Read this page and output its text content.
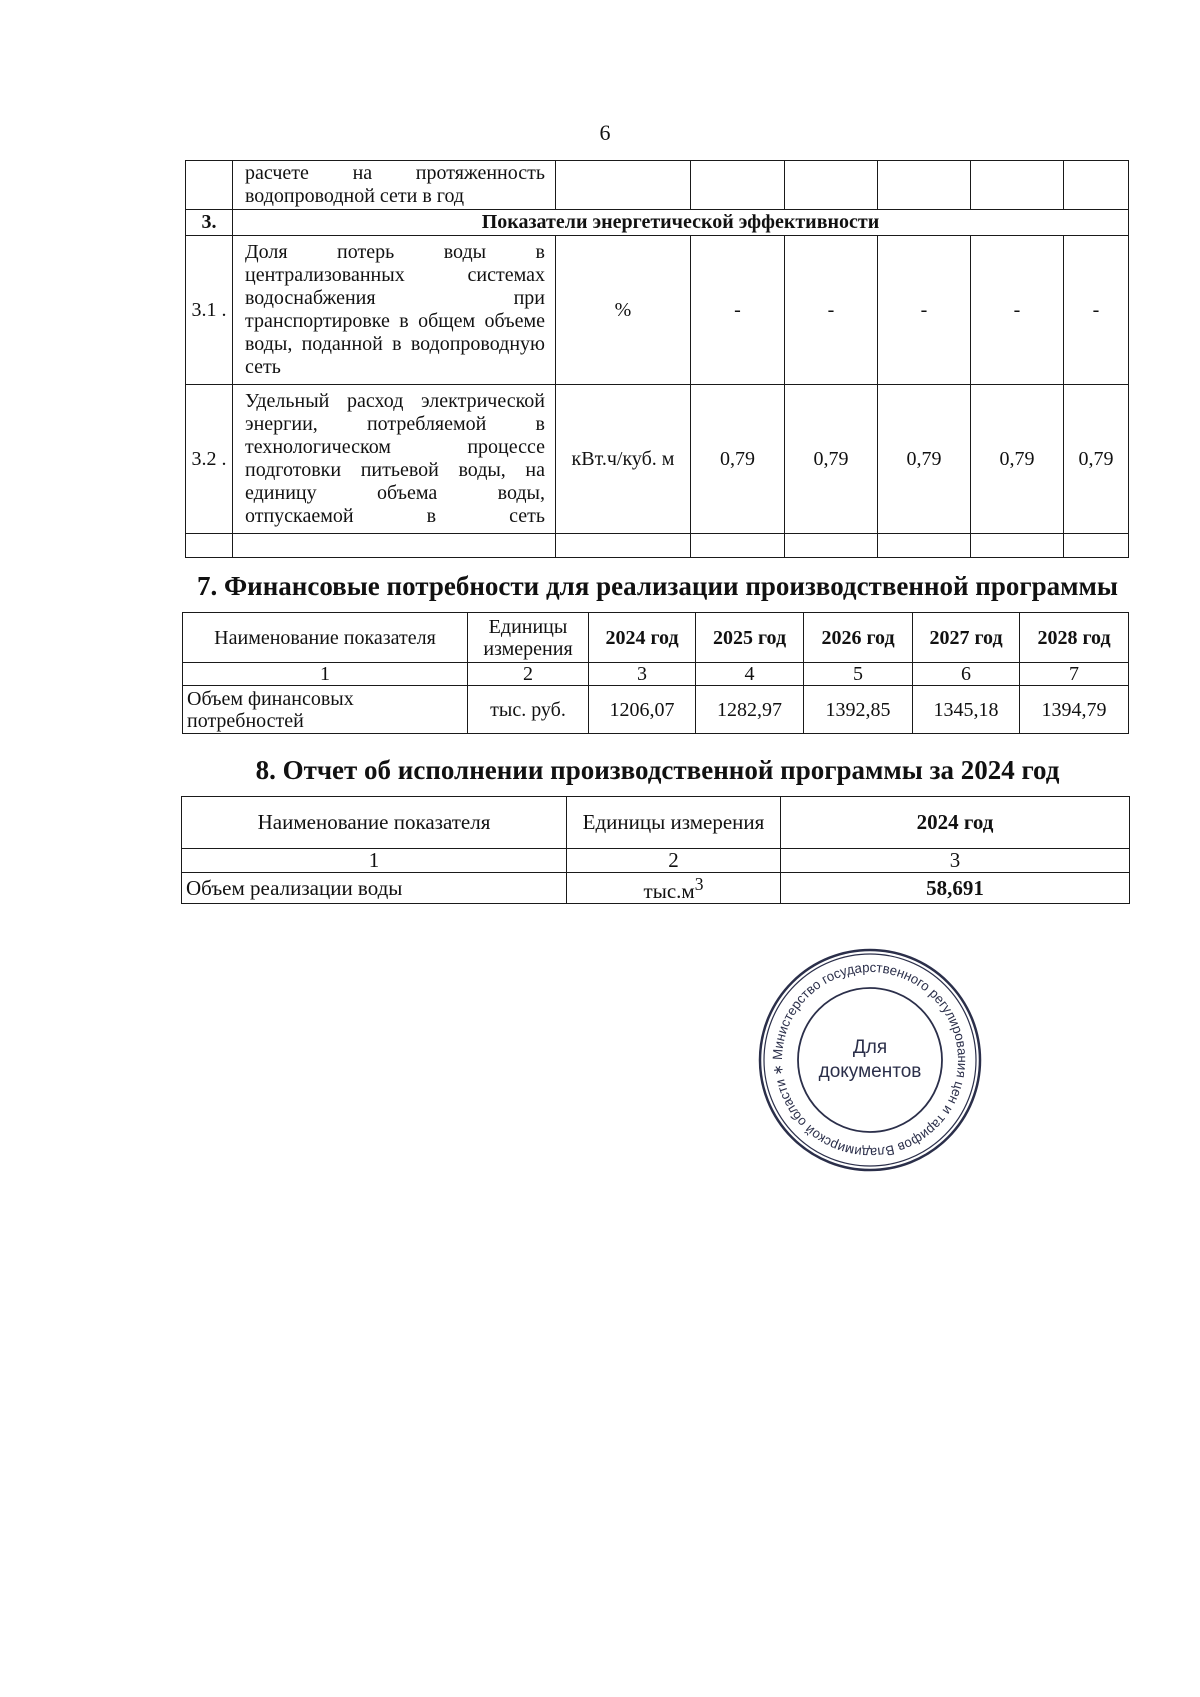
6
	расчете на протяженность водопроводной сети в год						
3.	Показатели энергетической эффективности						
3.1 .	Доля потерь воды в централизованных системах водоснабжения при транспортировке в общем объеме воды, поданной в водопроводную сеть	%	-	-	-	-	-
3.2 .	Удельный расход электрической энергии, потребляемой в технологическом процессе подготовки питьевой воды, на единицу объема воды, отпускаемой в сеть	кВт.ч/куб. м	0,79	0,79	0,79	0,79	0,79

7. Финансовые потребности для реализации производственной программы
Наименование показателя	Единицы измерения	2024 год	2025 год	2026 год	2027 год	2028 год
1	2	3	4	5	6	7
Объем финансовых потребностей	тыс. руб.	1206,07	1282,97	1392,85	1345,18	1394,79
8. Отчет об исполнении производственной программы за 2024 год
Наименование показателя	Единицы измерения	2024 год
1	2	3
Объем реализации воды	$тыс.м^3$	58,691
Министерство государственного регулирования цен и тарифов Владимирской области ∗
Для
документов
